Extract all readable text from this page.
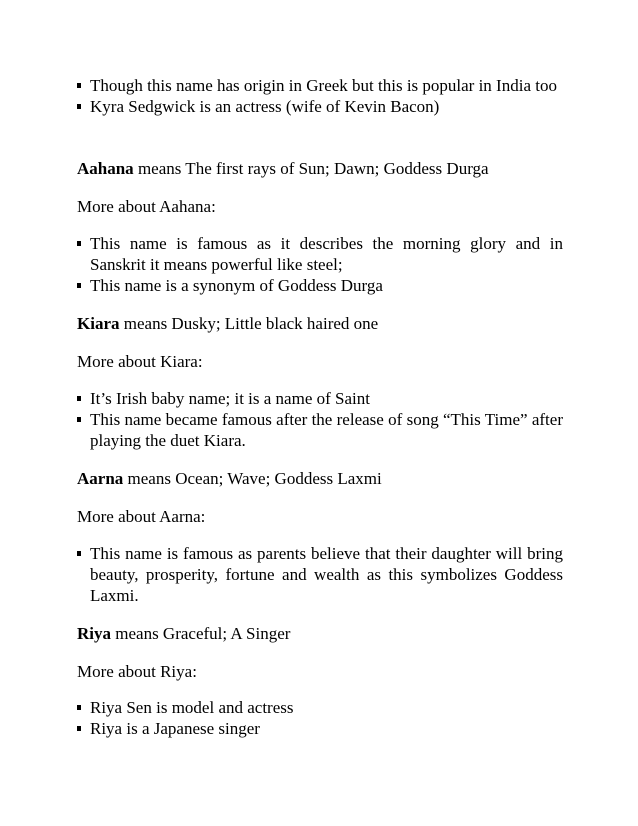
Though this name has origin in Greek but this is popular in India too
Kyra Sedgwick is an actress (wife of Kevin Bacon)

Aahana means The first rays of Sun; Dawn; Goddess Durga

More about Aahana:

This name is famous as it describes the morning glory and in Sanskrit it means powerful like steel;
This name is a synonym of Goddess Durga

Kiara means Dusky; Little black haired one

More about Kiara:

It’s Irish baby name; it is a name of Saint
This name became famous after the release of song “This Time” after playing the duet Kiara.

Aarna means Ocean; Wave; Goddess Laxmi

More about Aarna:

This name is famous as parents believe that their daughter will bring beauty, prosperity, fortune and wealth as this symbolizes Goddess Laxmi.

Riya means Graceful; A Singer

More about Riya:

Riya Sen is model and actress
Riya is a Japanese singer
